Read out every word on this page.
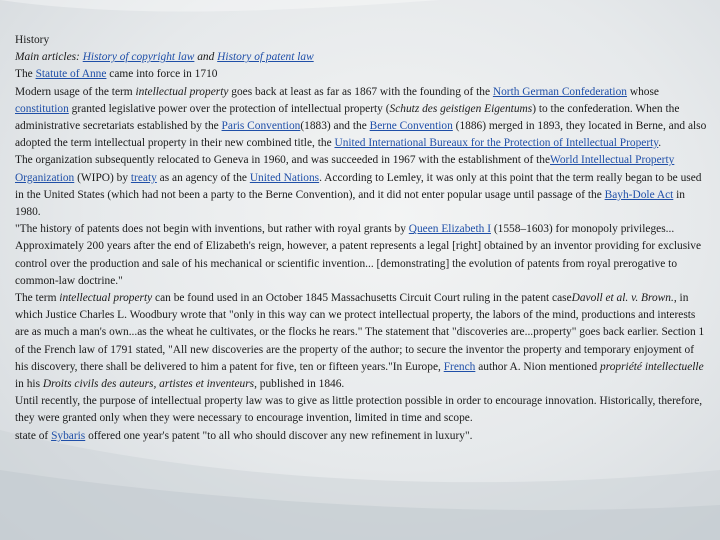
History

Main articles: History of copyright law and History of patent law

The Statute of Anne came into force in 1710

Modern usage of the term intellectual property goes back at least as far as 1867 with the founding of the North German Confederation whose constitution granted legislative power over the protection of intellectual property (Schutz des geistigen Eigentums) to the confederation. When the administrative secretariats established by the Paris Convention(1883) and the Berne Convention (1886) merged in 1893, they located in Berne, and also adopted the term intellectual property in their new combined title, the United International Bureaux for the Protection of Intellectual Property.

The organization subsequently relocated to Geneva in 1960, and was succeeded in 1967 with the establishment of theWorld Intellectual Property Organization (WIPO) by treaty as an agency of the United Nations. According to Lemley, it was only at this point that the term really began to be used in the United States (which had not been a party to the Berne Convention), and it did not enter popular usage until passage of the Bayh-Dole Act in 1980.

"The history of patents does not begin with inventions, but rather with royal grants by Queen Elizabeth I (1558–1603) for monopoly privileges... Approximately 200 years after the end of Elizabeth's reign, however, a patent represents a legal [right] obtained by an inventor providing for exclusive control over the production and sale of his mechanical or scientific invention... [demonstrating] the evolution of patents from royal prerogative to common-law doctrine."

The term intellectual property can be found used in an October 1845 Massachusetts Circuit Court ruling in the patent caseDavoll et al. v. Brown., in which Justice Charles L. Woodbury wrote that "only in this way can we protect intellectual property, the labors of the mind, productions and interests are as much a man's own...as the wheat he cultivates, or the flocks he rears." The statement that "discoveries are...property" goes back earlier. Section 1 of the French law of 1791 stated, "All new discoveries are the property of the author; to secure the inventor the property and temporary enjoyment of his discovery, there shall be delivered to him a patent for five, ten or fifteen years."In Europe, French author A. Nion mentioned propriété intellectuelle in his Droits civils des auteurs, artistes et inventeurs, published in 1846.

Until recently, the purpose of intellectual property law was to give as little protection possible in order to encourage innovation. Historically, therefore, they were granted only when they were necessary to encourage invention, limited in time and scope.

state of Sybaris offered one year's patent "to all who should discover any new refinement in luxury".
